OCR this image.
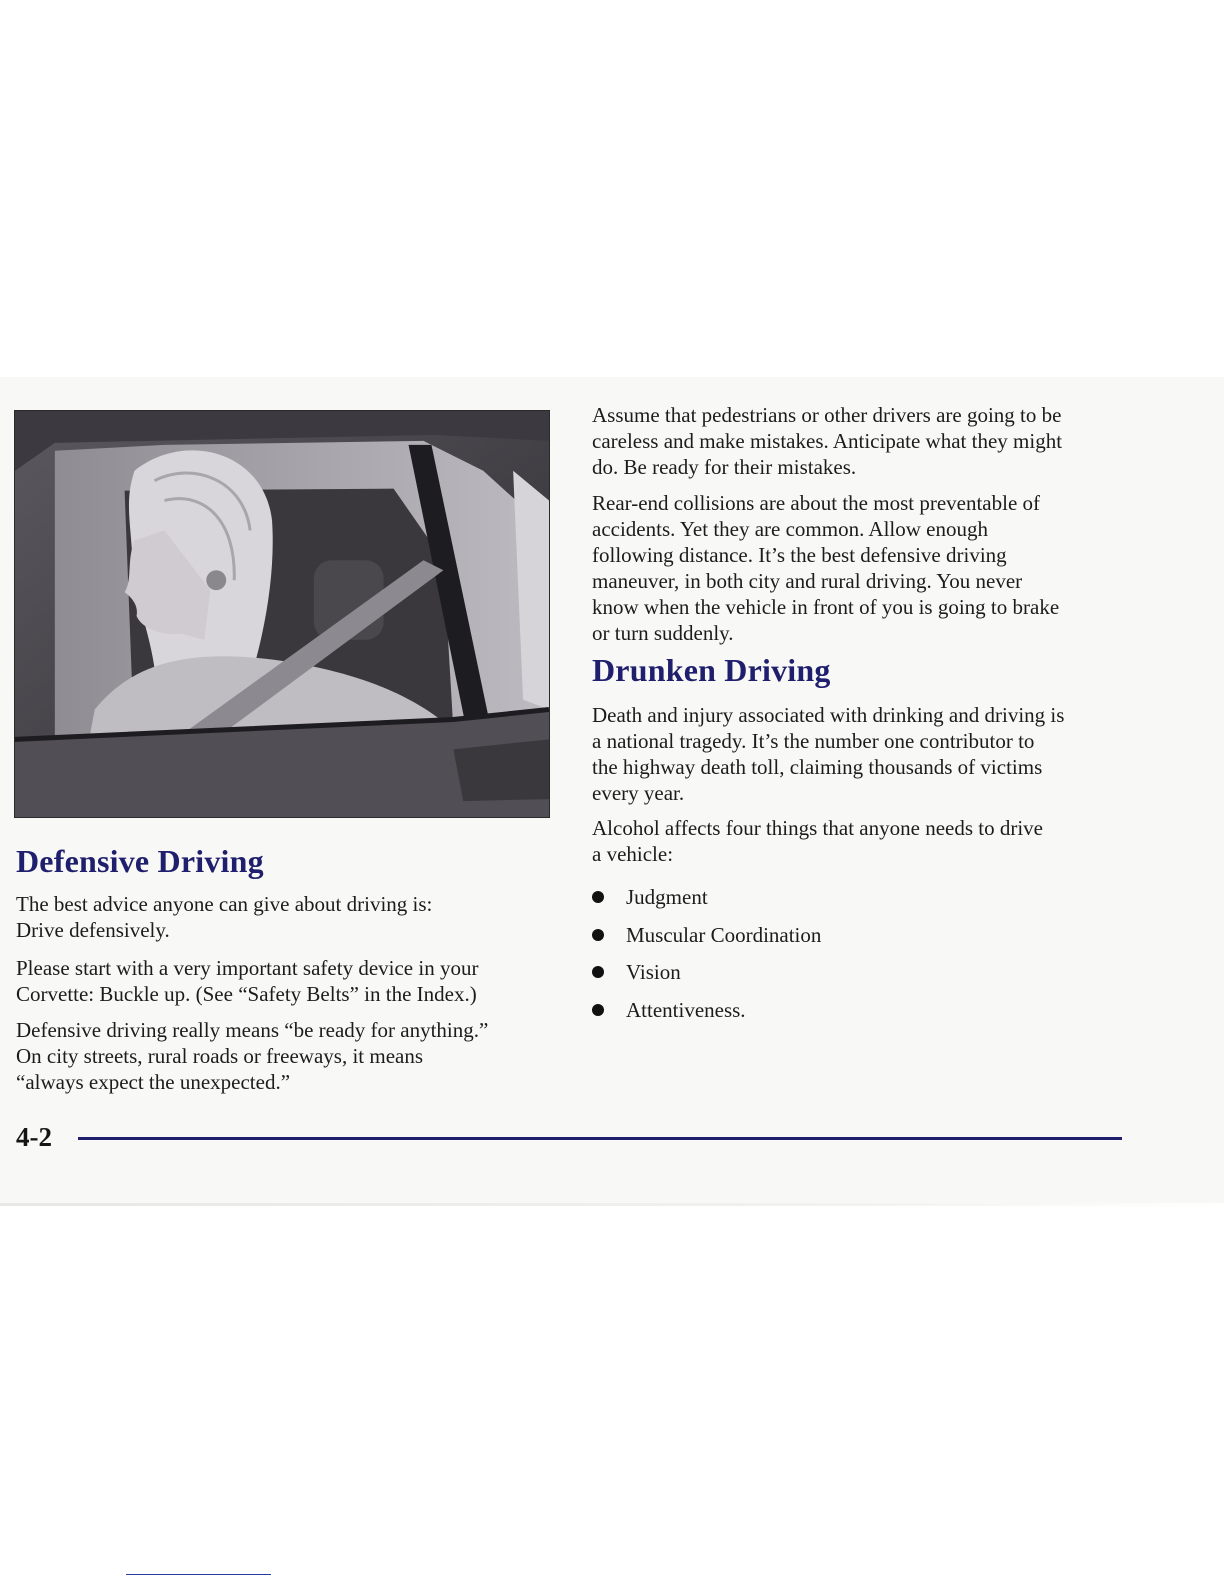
Defensive Driving

The best advice anyone can give about driving is:
Drive defensively.

Please start with a very important safety device in your
Corvette: Buckle up. (See “Safety Belts” in the Index.)

Defensive driving really means “be ready for anything.”
On city streets, rural roads or freeways, it means
“always expect the unexpected.”

Assume that pedestrians or other drivers are going to be
careless and make mistakes. Anticipate what they might
do. Be ready for their mistakes.

Rear-end collisions are about the most preventable of
accidents. Yet they are common. Allow enough
following distance. It’s the best defensive driving
maneuver, in both city and rural driving. You never
know when the vehicle in front of you is going to brake
or turn suddenly.

Drunken Driving

Death and injury associated with drinking and driving is
a national tragedy. It’s the number one contributor to
the highway death toll, claiming thousands of victims
every year.

Alcohol affects four things that anyone needs to drive
a vehicle:

Judgment
Muscular Coordination
Vision
Attentiveness.

4-2
